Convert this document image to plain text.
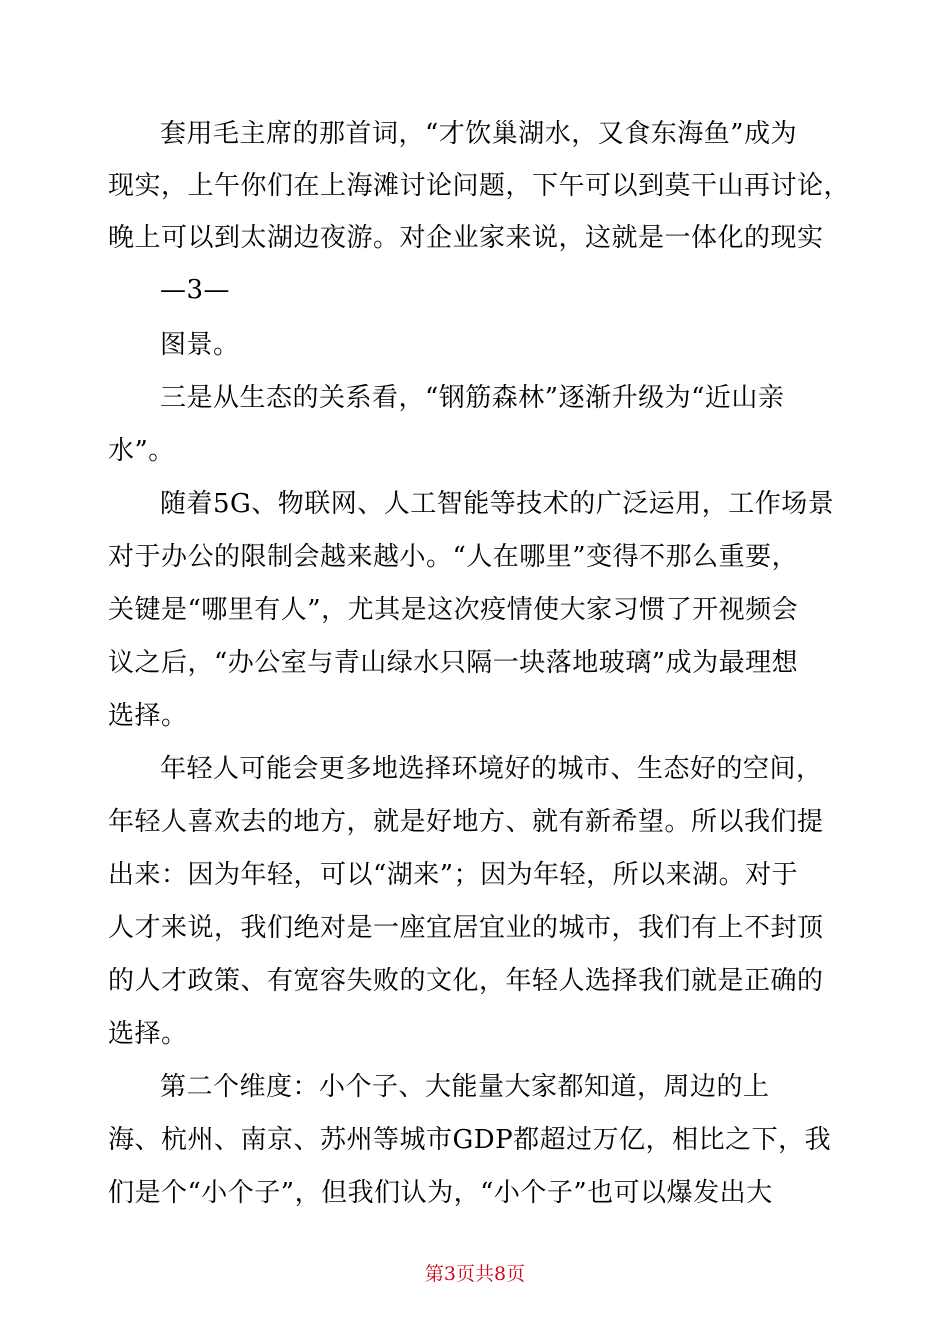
套用毛主席的那首词，“才饮巢湖水，又食东海鱼”成为
现实，上午你们在上海滩讨论问题，下午可以到莫干山再讨论，
晚上可以到太湖边夜游。对企业家来说，这就是一体化的现实
—3—
图景。
三是从生态的关系看，“钢筋森林”逐渐升级为“近山亲
水”。
随着5G、物联网、人工智能等技术的广泛运用，工作场景
对于办公的限制会越来越小。“人在哪里”变得不那么重要，
关键是“哪里有人”，尤其是这次疫情使大家习惯了开视频会
议之后，“办公室与青山绿水只隔一块落地玻璃”成为最理想
选择。
年轻人可能会更多地选择环境好的城市、生态好的空间，
年轻人喜欢去的地方，就是好地方、就有新希望。所以我们提
出来：因为年轻，可以“湖来”；因为年轻，所以来湖。对于
人才来说，我们绝对是一座宜居宜业的城市，我们有上不封顶
的人才政策、有宽容失败的文化，年轻人选择我们就是正确的
选择。
第二个维度：小个子、大能量大家都知道，周边的上
海、杭州、南京、苏州等城市GDP都超过万亿，相比之下，我
们是个“小个子”，但我们认为，“小个子”也可以爆发出大
第3页共8页
